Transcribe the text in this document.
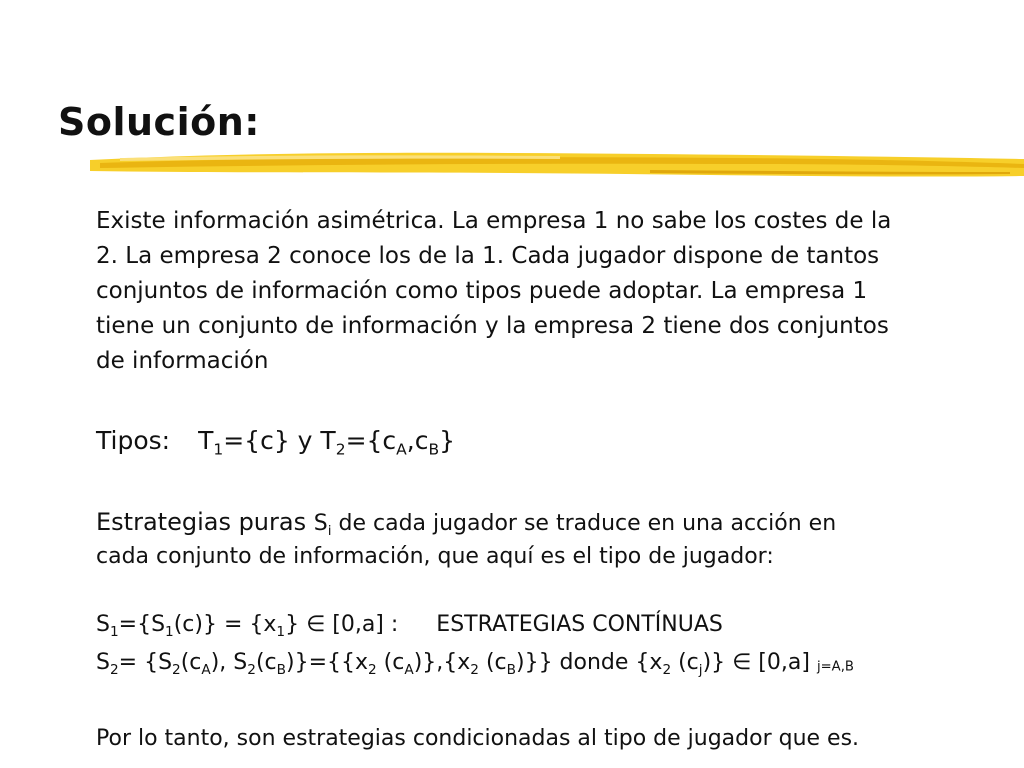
Solución:

Existe información asimétrica. La empresa 1 no sabe los costes de la 2. La empresa 2 conoce los de la 1. Cada jugador dispone de tantos conjuntos de información como tipos puede adoptar. La empresa 1 tiene un conjunto de información y la empresa 2 tiene dos conjuntos de información

Tipos: $T_1=\{c\}$ y $T_2=\{c_A,c_B\}$

Estrategias puras $S_i$ de cada jugador se traduce en una acción en cada conjunto de información, que aquí es el tipo de jugador:

$S_1=\{S_1(c)\} = \{x_1\}$ ∈ [0,a] : ESTRATEGIAS CONTÍNUAS

$S_2= \{S_2(c_A)$, $S_2(c_B)\}=\{\{x_2$ $(c_A)\},\{x_2$ $(c_B)$}} donde {$x_2$ $(c_j)$} ∈ [0,a] j=A,B

Por lo tanto, son estrategias condicionadas al tipo de jugador que es.
